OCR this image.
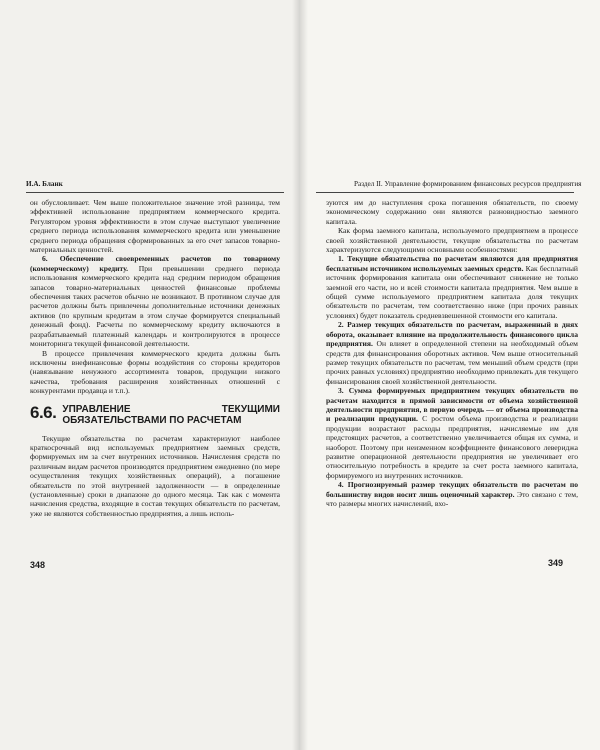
И.А. Бланк	Раздел II. Управление формированием финансовых ресурсов предприятия

он обусловливает. Чем выше положительное значение этой разницы, тем эффективней использование предприятием коммерческого кредита. Регулятором уровня эффективности в этом случае выступают увеличение среднего периода использования коммерческого кредита или уменьшение среднего периода обращения сформированных за его счет запасов товарно-материальных ценностей.

6. Обеспечение своевременных расчетов по товарному (коммерческому) кредиту. При превышении среднего периода использования коммерческого кредита над средним периодом обращения запасов товарно-материальных ценностей финансовые проблемы обеспечения таких расчетов обычно не возникают. В противном случае для расчетов должны быть привлечены дополнительные источники денежных активов (по крупным кредитам в этом случае формируется специальный денежный фонд). Расчеты по коммерческому кредиту включаются в разрабатываемый платежный календарь и контролируются в процессе мониторинга текущей финансовой деятельности.

В процессе привлечения коммерческого кредита должны быть исключены внефинансовые формы воздействия со стороны кредиторов (навязывание ненужного ассортимента товаров, продукции низкого качества, требования расширения хозяйственных отношений с конкурентами продавца и т.п.).

6.6. УПРАВЛЕНИЕ ТЕКУЩИМИ ОБЯЗАТЕЛЬСТВАМИ ПО РАСЧЕТАМ

Текущие обязательства по расчетам характеризуют наиболее краткосрочный вид используемых предприятием заемных средств, формируемых им за счет внутренних источников. Начисления средств по различным видам расчетов производятся предприятием ежедневно (по мере осуществления текущих хозяйственных операций), а погашение обязательств по этой внутренней задолженности — в определенные (установленные) сроки в диапазоне до одного месяца. Так как с момента начисления средства, входящие в состав текущих обязательств по расчетам, уже не являются собственностью предприятия, а лишь исполь-

348

зуются им до наступления срока погашения обязательств, по своему экономическому содержанию они являются разновидностью заемного капитала.

Как форма заемного капитала, используемого предприятием в процессе своей хозяйственной деятельности, текущие обязательства по расчетам характеризуются следующими основными особенностями:

1. Текущие обязательства по расчетам являются для предприятия бесплатным источником используемых заемных средств. Как бесплатный источник формирования капитала они обеспечивают снижение не только заемной его части, но и всей стоимости капитала предприятия. Чем выше в общей сумме используемого предприятием капитала доля текущих обязательств по расчетам, тем соответственно ниже (при прочих равных условиях) будет показатель средневзвешенной стоимости его капитала.

2. Размер текущих обязательств по расчетам, выраженный в днях оборота, оказывает влияние на продолжительность финансового цикла предприятия. Он влияет в определенной степени на необходимый объем средств для финансирования оборотных активов. Чем выше относительный размер текущих обязательств по расчетам, тем меньший объем средств (при прочих равных условиях) предприятию необходимо привлекать для текущего финансирования своей хозяйственной деятельности.

3. Сумма формируемых предприятием текущих обязательств по расчетам находится в прямой зависимости от объема хозяйственной деятельности предприятия, в первую очередь — от объема производства и реализации продукции. С ростом объема производства и реализации продукции возрастают расходы предприятия, начисляемые им для предстоящих расчетов, а соответственно увеличивается общая их сумма, и наоборот. Поэтому при неизменном коэффициенте финансового левериджа развитие операционной деятельности предприятия не увеличивает его относительную потребность в кредите за счет роста заемного капитала, формируемого из внутренних источников.

4. Прогнозируемый размер текущих обязательств по расчетам по большинству видов носит лишь оценочный характер. Это связано с тем, что размеры многих начислений, вхо-

349
